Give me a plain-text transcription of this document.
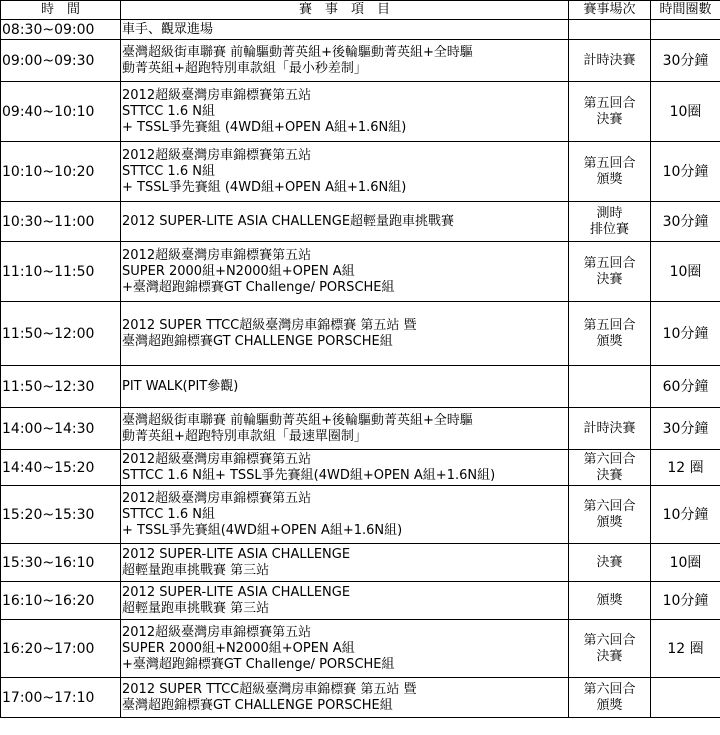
時　間	賽　事　項　目	賽事場次	時間圈數
08:30~09:00	車手、觀眾進場		
09:00~09:30	臺灣超級街車聯賽 前輪驅動菁英組+後輪驅動菁英組+全時驅
動菁英組+超跑特別車款組「最小秒差制」	計時決賽	30分鐘
09:40~10:10	2012超級臺灣房車錦標賽第五站
STTCC 1.6 N組
+ TSSL爭先賽組 (4WD組+OPEN A組+1.6N組)	第五回合
決賽	10圈
10:10~10:20	2012超級臺灣房車錦標賽第五站
STTCC 1.6 N組
+ TSSL爭先賽組 (4WD組+OPEN A組+1.6N組)	第五回合
頒獎	10分鐘
10:30~11:00	2012 SUPER-LITE ASIA CHALLENGE超輕量跑車挑戰賽	測時
排位賽	30分鐘
11:10~11:50	2012超級臺灣房車錦標賽第五站
SUPER 2000組+N2000組+OPEN A組
+臺灣超跑錦標賽GT Challenge/ PORSCHE組	第五回合
決賽	10圈
11:50~12:00	2012 SUPER TTCC超級臺灣房車錦標賽 第五站 暨
臺灣超跑錦標賽GT CHALLENGE PORSCHE組	第五回合
頒獎	10分鐘
11:50~12:30	PIT WALK(PIT參觀)		60分鐘
14:00~14:30	臺灣超級街車聯賽 前輪驅動菁英組+後輪驅動菁英組+全時驅
動菁英組+超跑特別車款組「最速單圈制」	計時決賽	30分鐘
14:40~15:20	2012超級臺灣房車錦標賽第五站
STTCC 1.6 N組+ TSSL爭先賽組(4WD組+OPEN A組+1.6N組)	第六回合
決賽	12 圈
15:20~15:30	2012超級臺灣房車錦標賽第五站
STTCC 1.6 N組
+ TSSL爭先賽組(4WD組+OPEN A組+1.6N組)	第六回合
頒獎	10分鐘
15:30~16:10	2012 SUPER-LITE ASIA CHALLENGE
超輕量跑車挑戰賽 第三站	決賽	10圈
16:10~16:20	2012 SUPER-LITE ASIA CHALLENGE
超輕量跑車挑戰賽 第三站	頒獎	10分鐘
16:20~17:00	2012超級臺灣房車錦標賽第五站
SUPER 2000組+N2000組+OPEN A組
+臺灣超跑錦標賽GT Challenge/ PORSCHE組	第六回合
決賽	12 圈
17:00~17:10	2012 SUPER TTCC超級臺灣房車錦標賽 第五站 暨
臺灣超跑錦標賽GT CHALLENGE PORSCHE組	第六回合
頒獎	
